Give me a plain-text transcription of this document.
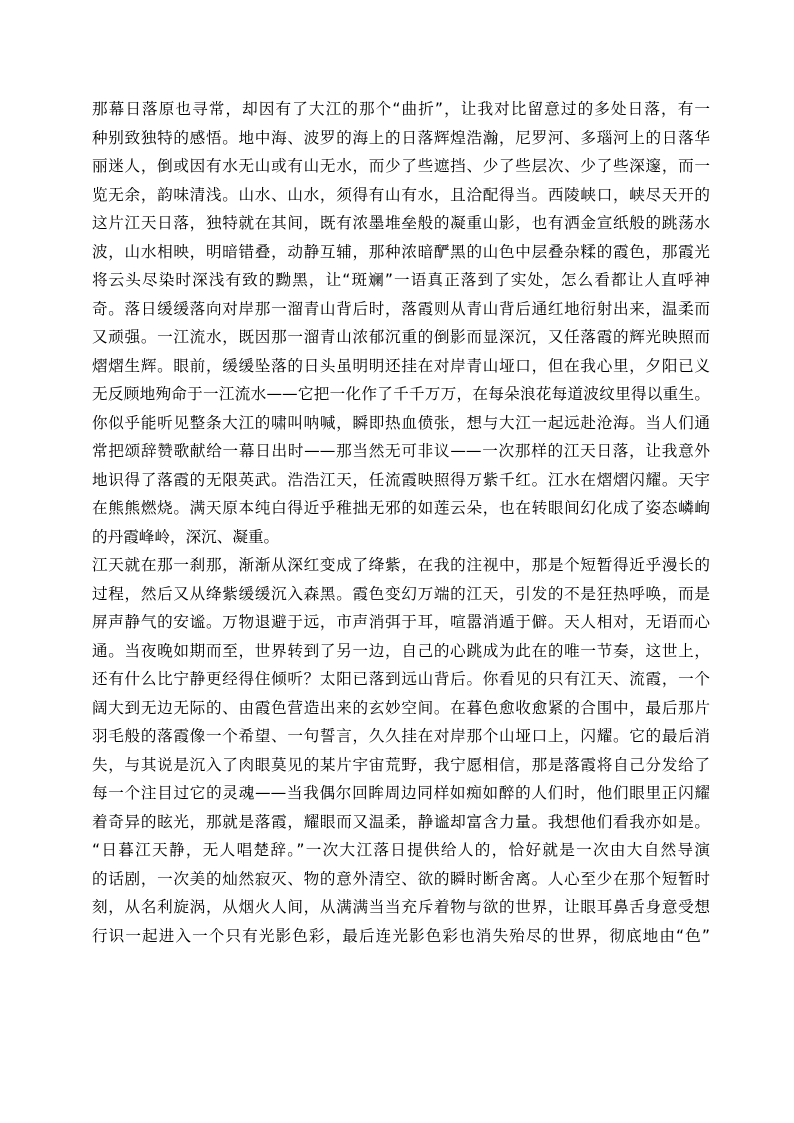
那幕日落原也寻常，却因有了大江的那个“曲折”，让我对比留意过的多处日落，有一
种别致独特的感悟。地中海、波罗的海上的日落辉煌浩瀚，尼罗河、多瑙河上的日落华
丽迷人，倒或因有水无山或有山无水，而少了些遮挡、少了些层次、少了些深邃，而一
览无余，韵味清浅。山水、山水，须得有山有水，且洽配得当。西陵峡口，峡尽天开的
这片江天日落，独特就在其间，既有浓墨堆垒般的凝重山影，也有洒金宣纸般的跳荡水
波，山水相映，明暗错叠，动静互辅，那种浓暗酽黑的山色中层叠杂糅的霞色，那霞光
将云头尽染时深浅有致的黝黑，让“斑斓”一语真正落到了实处，怎么看都让人直呼神
奇。落日缓缓落向对岸那一溜青山背后时，落霞则从青山背后通红地衍射出来，温柔而
又顽强。一江流水，既因那一溜青山浓郁沉重的倒影而显深沉，又任落霞的辉光映照而
熠熠生辉。眼前，缓缓坠落的日头虽明明还挂在对岸青山垭口，但在我心里，夕阳已义
无反顾地殉命于一江流水——它把一化作了千千万万，在每朵浪花每道波纹里得以重生。
你似乎能听见整条大江的啸叫呐喊，瞬即热血偾张，想与大江一起远赴沧海。当人们通
常把颂辞赞歌献给一幕日出时——那当然无可非议——一次那样的江天日落，让我意外
地识得了落霞的无限英武。浩浩江天，任流霞映照得万紫千红。江水在熠熠闪耀。天宇
在熊熊燃烧。满天原本纯白得近乎稚拙无邪的如莲云朵，也在转眼间幻化成了姿态嶙峋
的丹霞峰岭，深沉、凝重。
江天就在那一刹那，渐渐从深红变成了绛紫，在我的注视中，那是个短暂得近乎漫长的
过程，然后又从绛紫缓缓沉入森黑。霞色变幻万端的江天，引发的不是狂热呼唤，而是
屏声静气的安谧。万物退避于远，市声消弭于耳，喧嚣消遁于僻。天人相对，无语而心
通。当夜晚如期而至，世界转到了另一边，自己的心跳成为此在的唯一节奏，这世上，
还有什么比宁静更经得住倾听？太阳已落到远山背后。你看见的只有江天、流霞，一个
阔大到无边无际的、由霞色营造出来的玄妙空间。在暮色愈收愈紧的合围中，最后那片
羽毛般的落霞像一个希望、一句誓言，久久挂在对岸那个山垭口上，闪耀。它的最后消
失，与其说是沉入了肉眼莫见的某片宇宙荒野，我宁愿相信，那是落霞将自己分发给了
每一个注目过它的灵魂——当我偶尔回眸周边同样如痴如醉的人们时，他们眼里正闪耀
着奇异的眩光，那就是落霞，耀眼而又温柔，静谧却富含力量。我想他们看我亦如是。
“日暮江天静，无人唱楚辞。”一次大江落日提供给人的，恰好就是一次由大自然导演
的话剧，一次美的灿然寂灭、物的意外清空、欲的瞬时断舍离。人心至少在那个短暂时
刻，从名利旋涡，从烟火人间，从满满当当充斥着物与欲的世界，让眼耳鼻舌身意受想
行识一起进入一个只有光影色彩，最后连光影色彩也消失殆尽的世界，彻底地由“色”
